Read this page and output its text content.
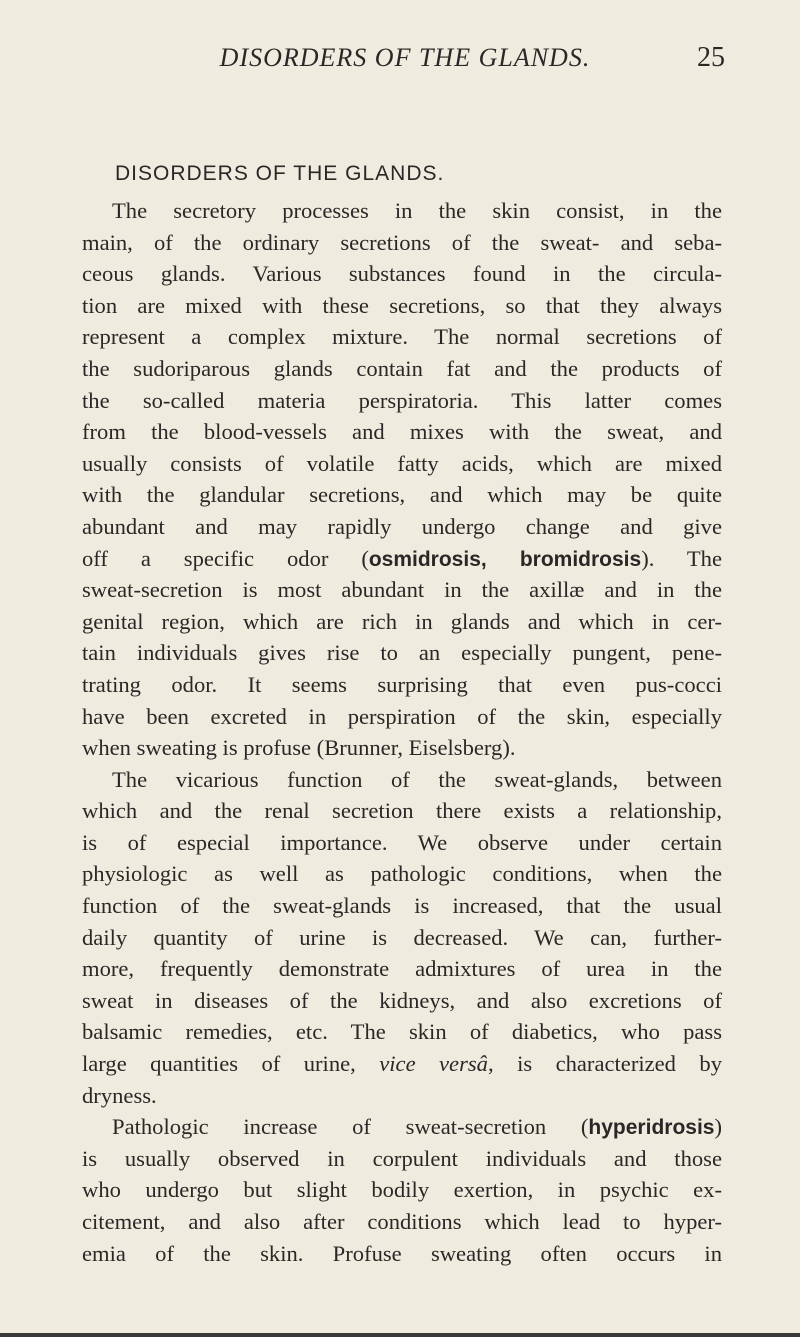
DISORDERS OF THE GLANDS.	25
DISORDERS OF THE GLANDS.
The secretory processes in the skin consist, in the
main, of the ordinary secretions of the sweat- and seba-
ceous glands. Various substances found in the circula-
tion are mixed with these secretions, so that they always
represent a complex mixture. The normal secretions of
the sudoriparous glands contain fat and the products of
the so-called materia perspiratoria. This latter comes
from the blood-vessels and mixes with the sweat, and
usually consists of volatile fatty acids, which are mixed
with the glandular secretions, and which may be quite
abundant and may rapidly undergo change and give
off a specific odor (osmidrosis, bromidrosis). The
sweat-secretion is most abundant in the axillæ and in the
genital region, which are rich in glands and which in cer-
tain individuals gives rise to an especially pungent, pene-
trating odor. It seems surprising that even pus-cocci
have been excreted in perspiration of the skin, especially
when sweating is profuse (Brunner, Eiselsberg).
The vicarious function of the sweat-glands, between
which and the renal secretion there exists a relationship,
is of especial importance. We observe under certain
physiologic as well as pathologic conditions, when the
function of the sweat-glands is increased, that the usual
daily quantity of urine is decreased. We can, further-
more, frequently demonstrate admixtures of urea in the
sweat in diseases of the kidneys, and also excretions of
balsamic remedies, etc. The skin of diabetics, who pass
large quantities of urine, vice versâ, is characterized by
dryness.
Pathologic increase of sweat-secretion (hyperidrosis)
is usually observed in corpulent individuals and those
who undergo but slight bodily exertion, in psychic ex-
citement, and also after conditions which lead to hyper-
emia of the skin. Profuse sweating often occurs in
